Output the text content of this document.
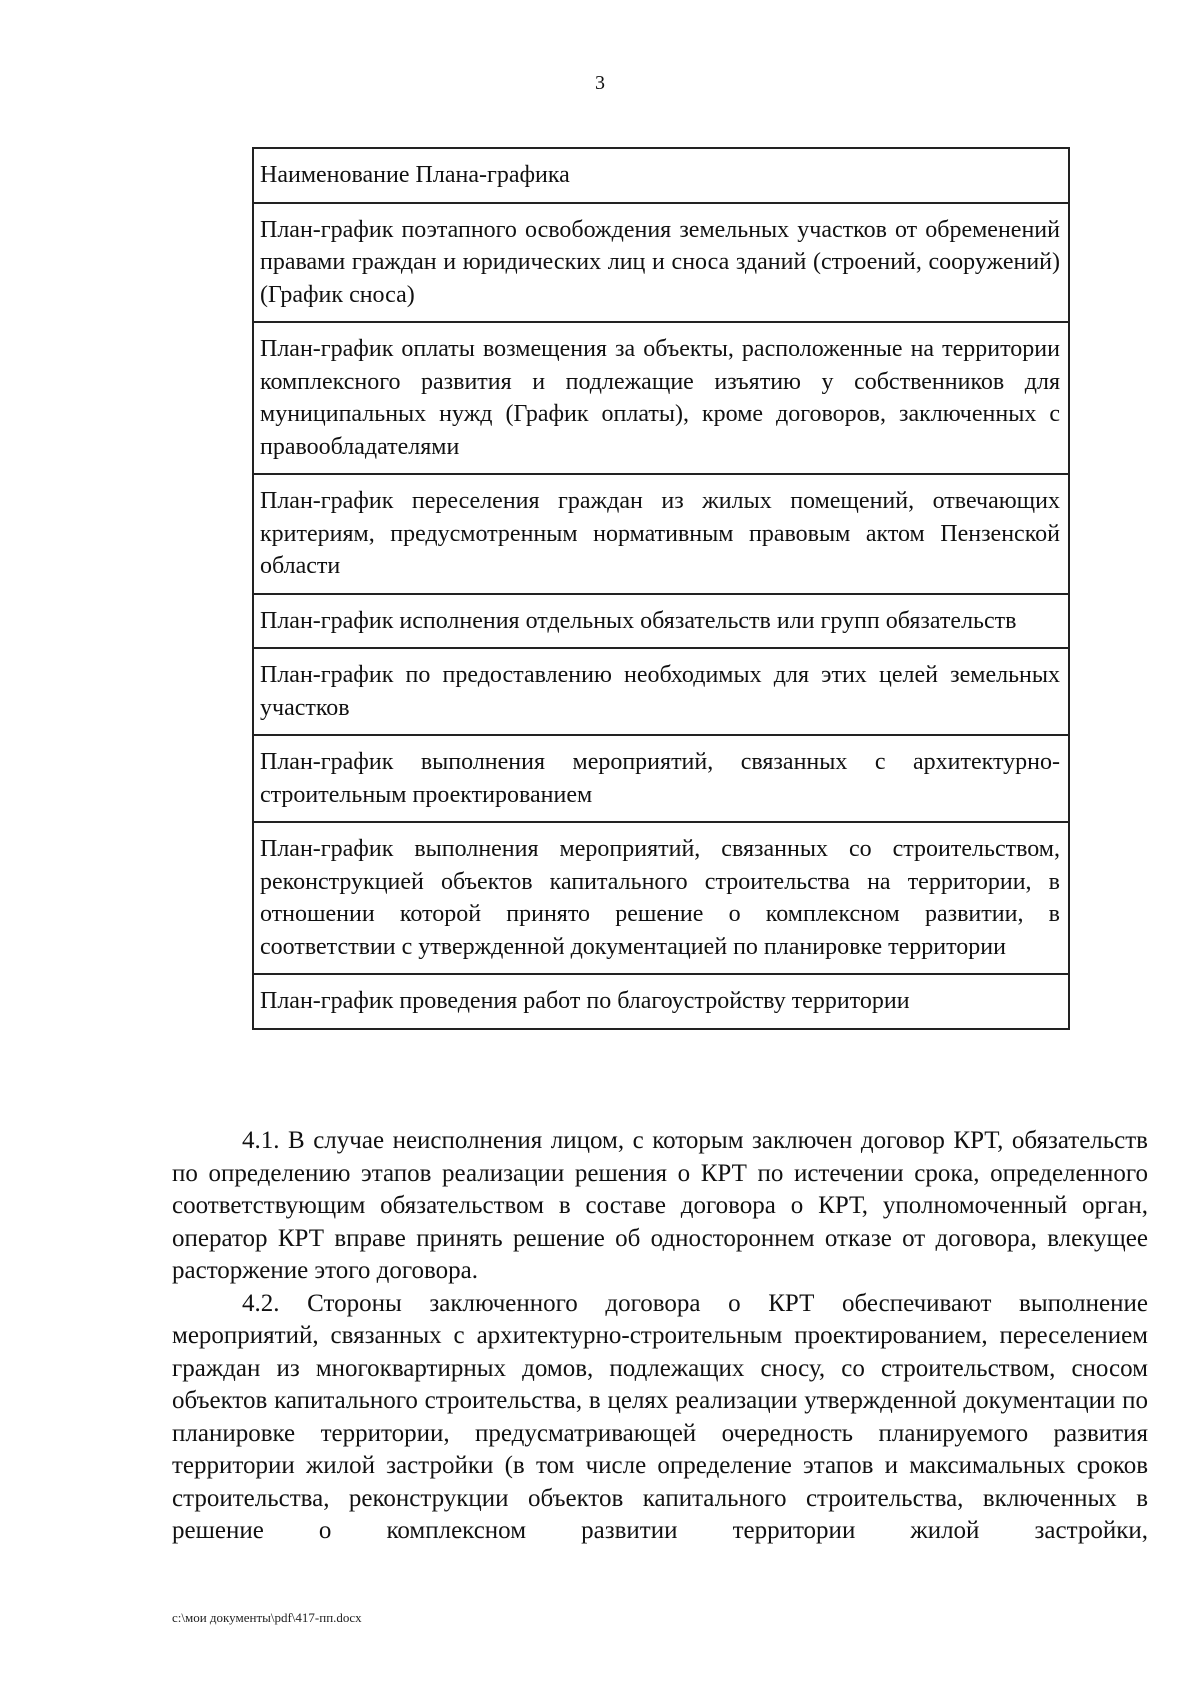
3
Наименование Плана-графика
План-график поэтапного освобождения земельных участков от обременений правами граждан и юридических лиц и сноса зданий (строений, сооружений) (График сноса)
План-график оплаты возмещения за объекты, расположенные на территории комплексного развития и подлежащие изъятию у собственников для муниципальных нужд (График оплаты), кроме договоров, заключенных с правообладателями
План-график переселения граждан из жилых помещений, отвечающих критериям, предусмотренным нормативным правовым актом Пензенской области
План-график исполнения отдельных обязательств или групп обязательств
План-график по предоставлению необходимых для этих целей земельных участков
План-график выполнения мероприятий, связанных с архитектурно-строительным проектированием
План-график выполнения мероприятий, связанных со строительством, реконструкцией объектов капитального строительства на территории, в отношении которой принято решение о комплексном развитии, в соответствии с утвержденной документацией по планировке территории
План-график проведения работ по благоустройству территории

4.1. В случае неисполнения лицом, с которым заключен договор КРТ, обязательств по определению этапов реализации решения о КРТ по истечении срока, определенного соответствующим обязательством в составе договора о КРТ, уполномоченный орган, оператор КРТ вправе принять решение об одностороннем отказе от договора, влекущее расторжение этого договора.

4.2. Стороны заключенного договора о КРТ обеспечивают выполнение мероприятий, связанных с архитектурно-строительным проектированием, переселением граждан из многоквартирных домов, подлежащих сносу, со строительством, сносом объектов капитального строительства, в целях реализации утвержденной документации по планировке территории, предусматривающей очередность планируемого развития территории жилой застройки (в том числе определение этапов и максимальных сроков строительства, реконструкции объектов капитального строительства, включенных в решение о комплексном развитии территории жилой застройки,

c:\мои документы\pdf\417-пп.docx
